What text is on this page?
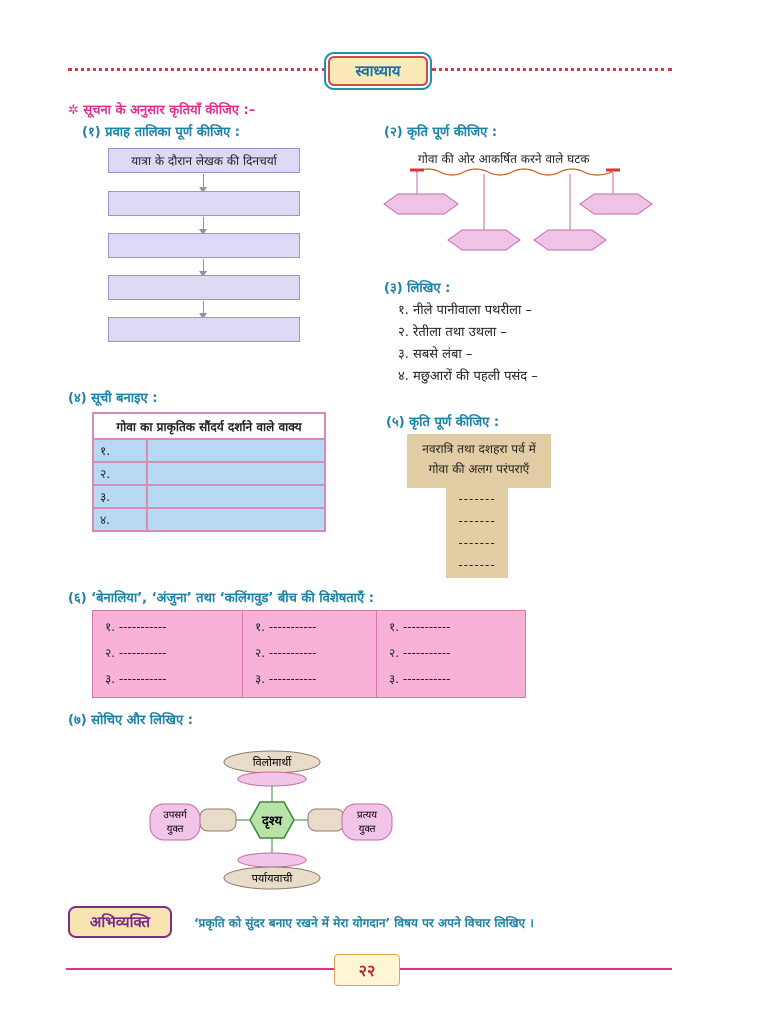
स्वाध्याय
✲ सूचना के अनुसार कृतियाँ कीजिए :–
(१) प्रवाह तालिका पूर्ण कीजिए :
यात्रा के दौरान लेखक की दिनचर्या
(२) कृति पूर्ण कीजिए :
गोवा की ओर आकर्षित करने वाले घटक
(३) लिखिए :
१. नीले पानीवाला पथरीला –
२. रेतीला तथा उथला –
३. सबसे लंबा –
४. मछुआरों की पहली पसंद –
(४) सूची बनाइए :
गोवा का प्राकृतिक सौंदर्य दर्शाने वाले वाक्य	
१.	
२.	
३.	
४.	
(५) कृति पूर्ण कीजिए :
नवरात्रि तथा दशहरा पर्व में
गोवा की अलग परंपराएँ
-------
-------
-------
-------
(६) ‘बेनालिया’, ‘अंजुना’ तथा ‘कलिंगवुड’ बीच की विशेषताएँ :
१. -----------
२. -----------
३. -----------
१. -----------
२. -----------
३. -----------
१. -----------
२. -----------
३. -----------
(७) सोचिए और लिखिए :
दृश्य
विलोमार्थी
पर्यायवाची
उपसर्ग
युक्त
प्रत्यय
युक्त
अभिव्यक्ति	‘प्रकृति को सुंदर बनाए रखने में मेरा योगदान’ विषय पर अपने विचार लिखिए ।
२२
